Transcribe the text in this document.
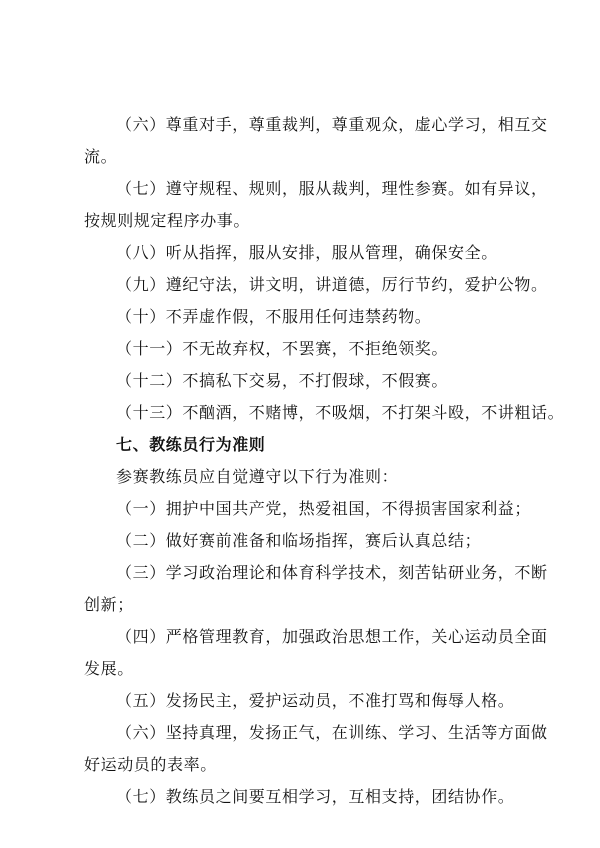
（六）尊重对手，尊重裁判，尊重观众，虚心学习，相互交
流。
（七）遵守规程、规则，服从裁判，理性参赛。如有异议，
按规则规定程序办事。
（八）听从指挥，服从安排，服从管理，确保安全。
（九）遵纪守法，讲文明，讲道德，厉行节约，爱护公物。
（十）不弄虚作假，不服用任何违禁药物。
（十一）不无故弃权，不罢赛，不拒绝领奖。
（十二）不搞私下交易，不打假球，不假赛。
（十三）不酗酒，不赌博，不吸烟，不打架斗殴，不讲粗话。
七、教练员行为准则
参赛教练员应自觉遵守以下行为准则：
（一）拥护中国共产党，热爱祖国，不得损害国家利益；
（二）做好赛前准备和临场指挥，赛后认真总结；
（三）学习政治理论和体育科学技术，刻苦钻研业务，不断
创新；
（四）严格管理教育，加强政治思想工作，关心运动员全面
发展。
（五）发扬民主，爱护运动员，不准打骂和侮辱人格。
（六）坚持真理，发扬正气，在训练、学习、生活等方面做
好运动员的表率。
（七）教练员之间要互相学习，互相支持，团结协作。
